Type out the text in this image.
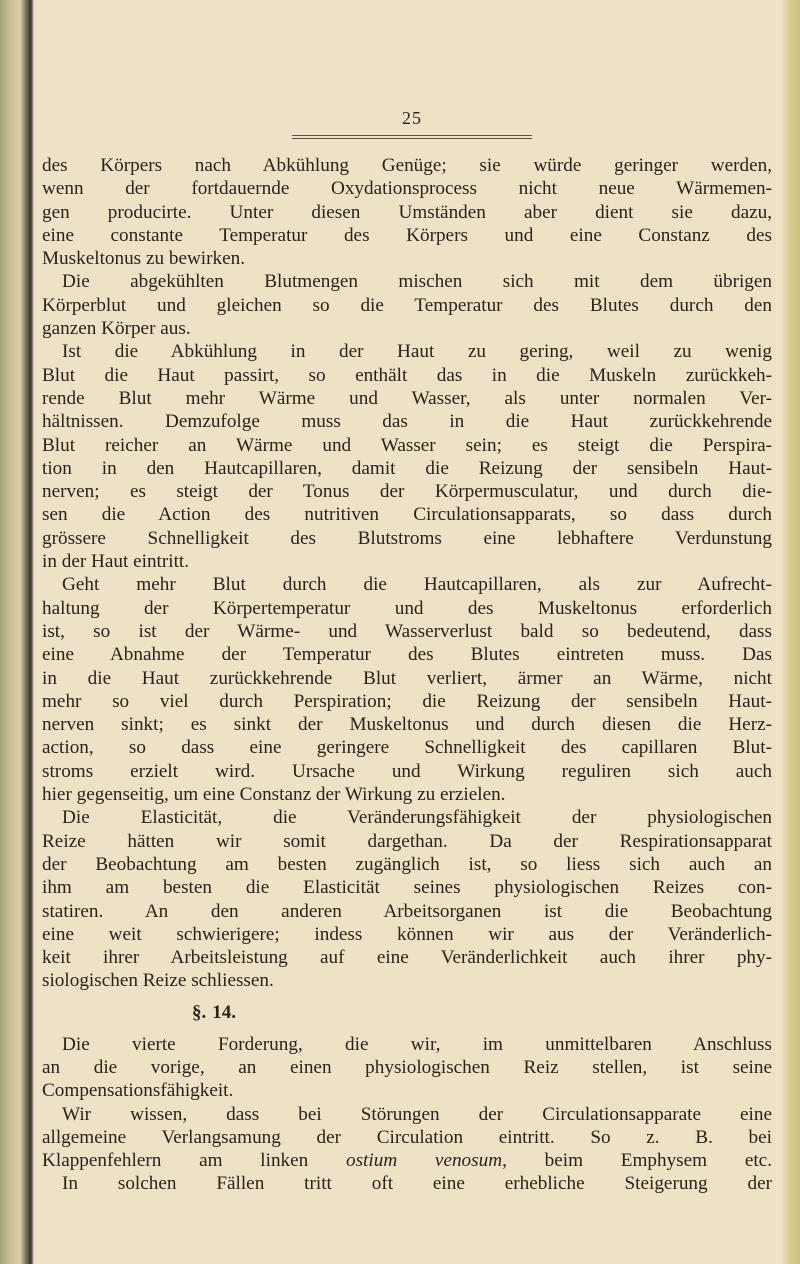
25
des Körpers nach Abkühlung Genüge; sie würde geringer werden,
wenn der fortdauernde Oxydationsprocess nicht neue Wärmemen-
gen producirte. Unter diesen Umständen aber dient sie dazu,
eine constante Temperatur des Körpers und eine Constanz des
Muskeltonus zu bewirken.
Die abgekühlten Blutmengen mischen sich mit dem übrigen
Körperblut und gleichen so die Temperatur des Blutes durch den
ganzen Körper aus.
Ist die Abkühlung in der Haut zu gering, weil zu wenig
Blut die Haut passirt, so enthält das in die Muskeln zurückkeh-
rende Blut mehr Wärme und Wasser, als unter normalen Ver-
hältnissen. Demzufolge muss das in die Haut zurückkehrende
Blut reicher an Wärme und Wasser sein; es steigt die Perspira-
tion in den Hautcapillaren, damit die Reizung der sensibeln Haut-
nerven; es steigt der Tonus der Körpermusculatur, und durch die-
sen die Action des nutritiven Circulationsapparats, so dass durch
grössere Schnelligkeit des Blutstroms eine lebhaftere Verdunstung
in der Haut eintritt.
Geht mehr Blut durch die Hautcapillaren, als zur Aufrecht-
haltung der Körpertemperatur und des Muskeltonus erforderlich
ist, so ist der Wärme- und Wasserverlust bald so bedeutend, dass
eine Abnahme der Temperatur des Blutes eintreten muss. Das
in die Haut zurückkehrende Blut verliert, ärmer an Wärme, nicht
mehr so viel durch Perspiration; die Reizung der sensibeln Haut-
nerven sinkt; es sinkt der Muskeltonus und durch diesen die Herz-
action, so dass eine geringere Schnelligkeit des capillaren Blut-
stroms erzielt wird. Ursache und Wirkung reguliren sich auch
hier gegenseitig, um eine Constanz der Wirkung zu erzielen.
Die Elasticität, die Veränderungsfähigkeit der physiologischen
Reize hätten wir somit dargethan. Da der Respirationsapparat
der Beobachtung am besten zugänglich ist, so liess sich auch an
ihm am besten die Elasticität seines physiologischen Reizes con-
statiren. An den anderen Arbeitsorganen ist die Beobachtung
eine weit schwierigere; indess können wir aus der Veränderlich-
keit ihrer Arbeitsleistung auf eine Veränderlichkeit auch ihrer phy-
siologischen Reize schliessen.
§. 14.
Die vierte Forderung, die wir, im unmittelbaren Anschluss
an die vorige, an einen physiologischen Reiz stellen, ist seine
Compensationsfähigkeit.
Wir wissen, dass bei Störungen der Circulationsapparate eine
allgemeine Verlangsamung der Circulation eintritt. So z. B. bei
Klappenfehlern am linken ostium venosum, beim Emphysem etc.
In solchen Fällen tritt oft eine erhebliche Steigerung der
